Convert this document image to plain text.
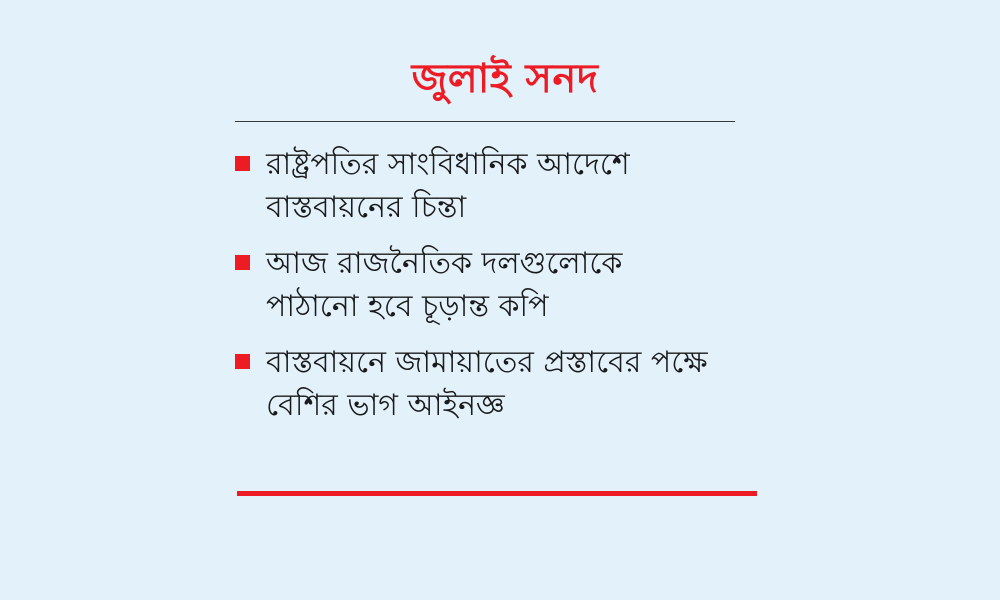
জুলাই সনদ
রাষ্ট্রপতির সাংবিধানিক আদেশে বাস্তবায়নের চিন্তা
আজ রাজনৈতিক দলগুলোকে পাঠানো হবে চূড়ান্ত কপি
বাস্তবায়নে জামায়াতের প্রস্তাবের পক্ষে বেশির ভাগ আইনজ্ঞ
